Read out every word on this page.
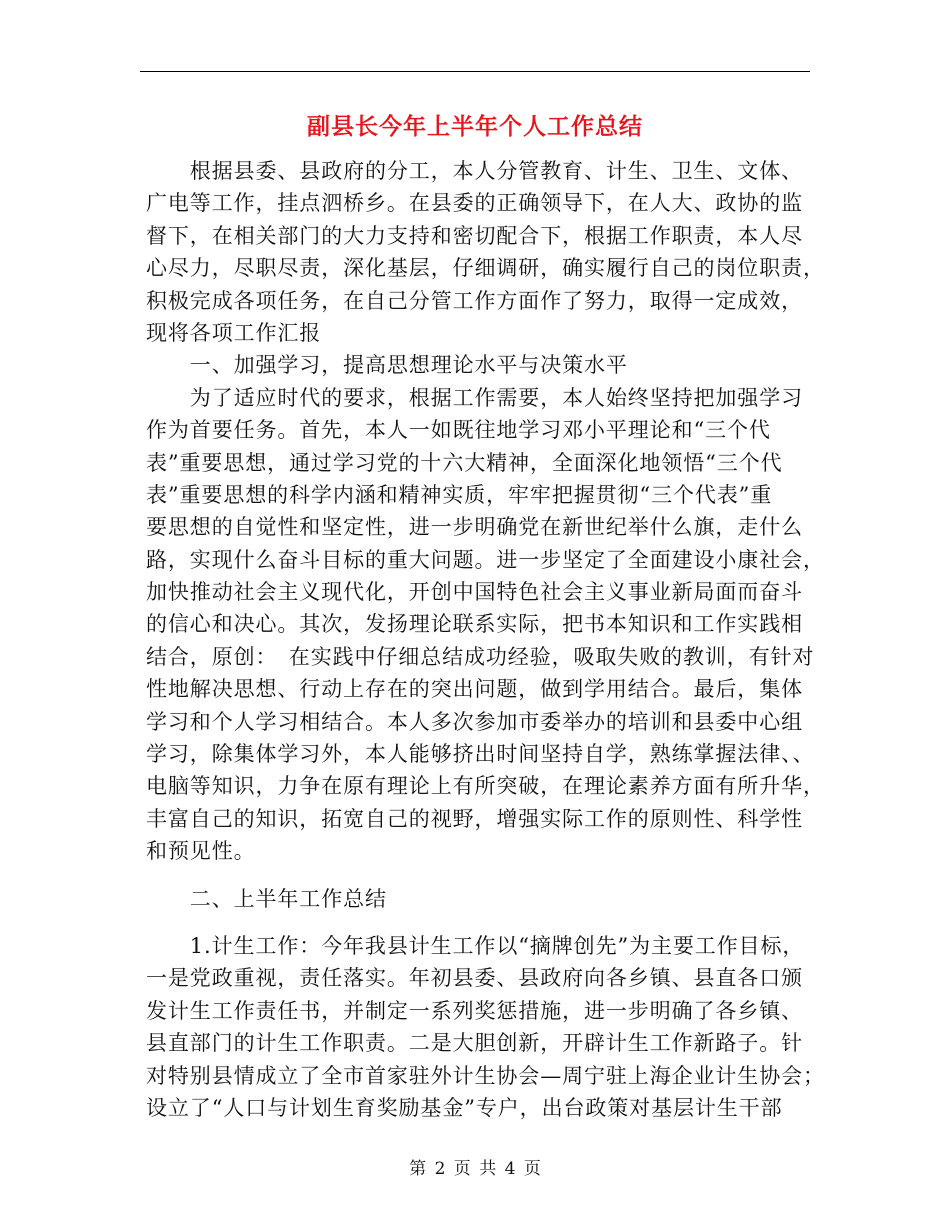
副县长今年上半年个人工作总结
　　根据县委、县政府的分工，本人分管教育、计生、卫生、文体、
广电等工作，挂点泗桥乡。在县委的正确领导下，在人大、政协的监
督下，在相关部门的大力支持和密切配合下，根据工作职责，本人尽
心尽力，尽职尽责，深化基层，仔细调研，确实履行自己的岗位职责，
积极完成各项任务，在自己分管工作方面作了努力，取得一定成效，
现将各项工作汇报
　　一、加强学习，提高思想理论水平与决策水平
　　为了适应时代的要求，根据工作需要，本人始终坚持把加强学习
作为首要任务。首先，本人一如既往地学习邓小平理论和“三个代
表”重要思想，通过学习党的十六大精神，全面深化地领悟“三个代
表”重要思想的科学内涵和精神实质，牢牢把握贯彻“三个代表”重
要思想的自觉性和坚定性，进一步明确党在新世纪举什么旗，走什么
路，实现什么奋斗目标的重大问题。进一步坚定了全面建设小康社会，
加快推动社会主义现代化，开创中国特色社会主义事业新局面而奋斗
的信心和决心。其次，发扬理论联系实际，把书本知识和工作实践相
结合，原创：　在实践中仔细总结成功经验，吸取失败的教训，有针对
性地解决思想、行动上存在的突出问题，做到学用结合。最后，集体
学习和个人学习相结合。本人多次参加市委举办的培训和县委中心组
学习，除集体学习外，本人能够挤出时间坚持自学，熟练掌握法律、、
电脑等知识，力争在原有理论上有所突破，在理论素养方面有所升华，
丰富自己的知识，拓宽自己的视野，增强实际工作的原则性、科学性
和预见性。
　　二、上半年工作总结
　　1.计生工作：今年我县计生工作以“摘牌创先”为主要工作目标，
一是党政重视，责任落实。年初县委、县政府向各乡镇、县直各口颁
发计生工作责任书，并制定一系列奖惩措施，进一步明确了各乡镇、
县直部门的计生工作职责。二是大胆创新，开辟计生工作新路子。针
对特别县情成立了全市首家驻外计生协会—周宁驻上海企业计生协会；
设立了“人口与计划生育奖励基金”专户，出台政策对基层计生干部
第 2 页 共 4 页
